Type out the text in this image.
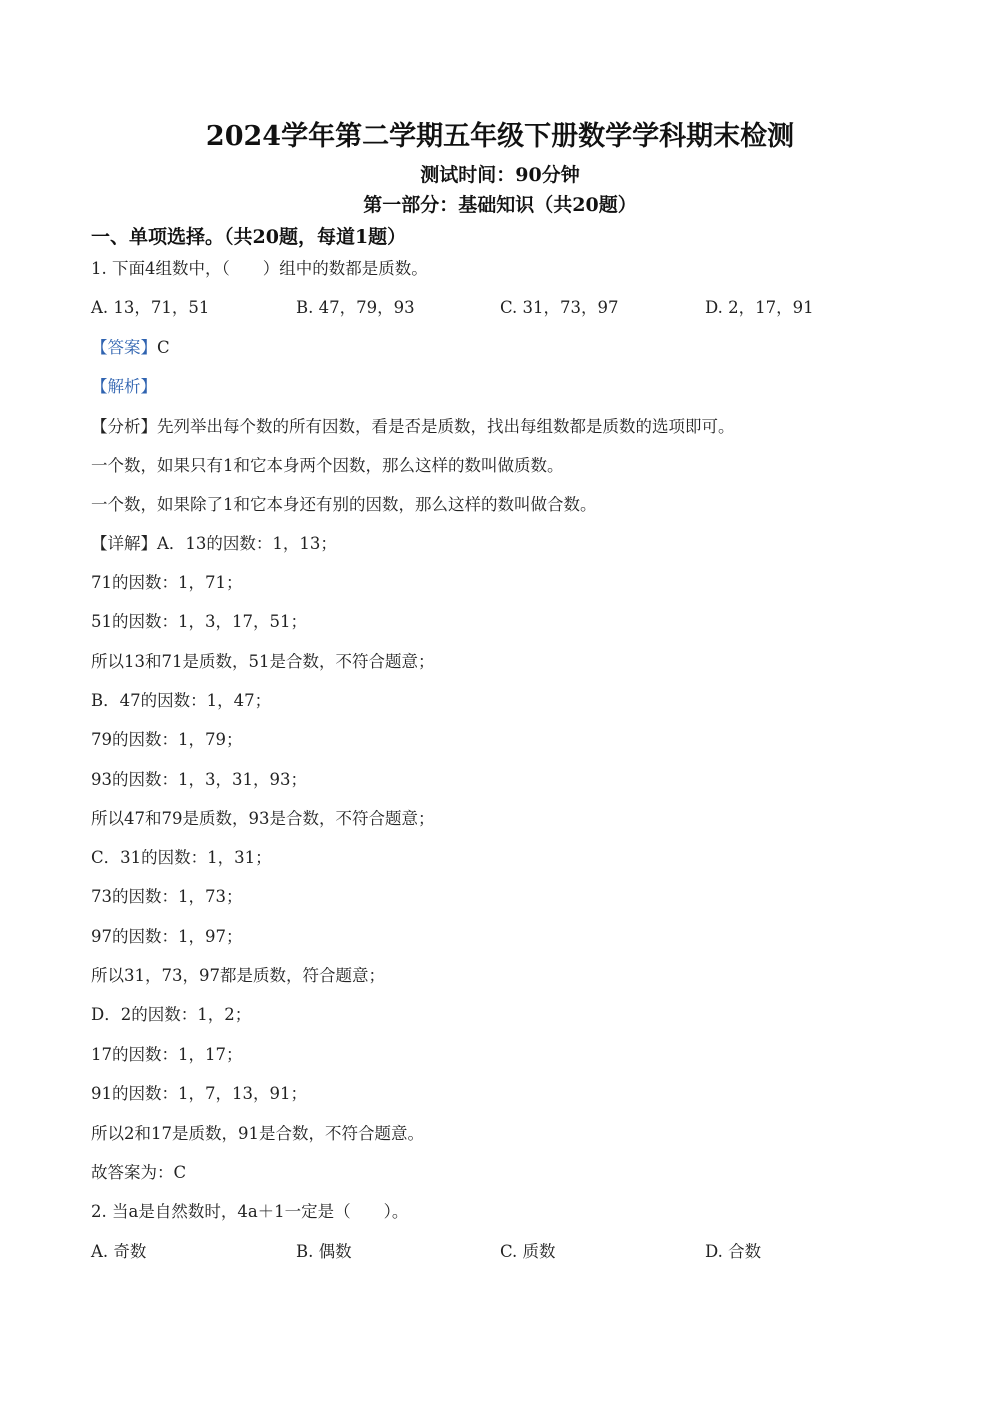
2024学年第二学期五年级下册数学学科期末检测
测试时间：90分钟
第一部分：基础知识（共20题）
一、单项选择。（共20题，每道1题）
1. 下面4组数中，（　　）组中的数都是质数。
A. 13，71，51	B. 47，79，93	C. 31，73，97	D. 2，17，91
【答案】C
【解析】
【分析】先列举出每个数的所有因数，看是否是质数，找出每组数都是质数的选项即可。
一个数，如果只有1和它本身两个因数，那么这样的数叫做质数。
一个数，如果除了1和它本身还有别的因数，那么这样的数叫做合数。
【详解】A．13的因数：1，13；
71的因数：1，71；
51的因数：1，3，17，51；
所以13和71是质数，51是合数，不符合题意；
B．47的因数：1，47；
79的因数：1，79；
93的因数：1，3，31，93；
所以47和79是质数，93是合数，不符合题意；
C．31的因数：1，31；
73的因数：1，73；
97的因数：1，97；
所以31，73，97都是质数，符合题意；
D．2的因数：1，2；
17的因数：1，17；
91的因数：1，7，13，91；
所以2和17是质数，91是合数，不符合题意。
故答案为：C
2. 当a是自然数时，4a＋1一定是（　　）。
A. 奇数	B. 偶数	C. 质数	D. 合数
